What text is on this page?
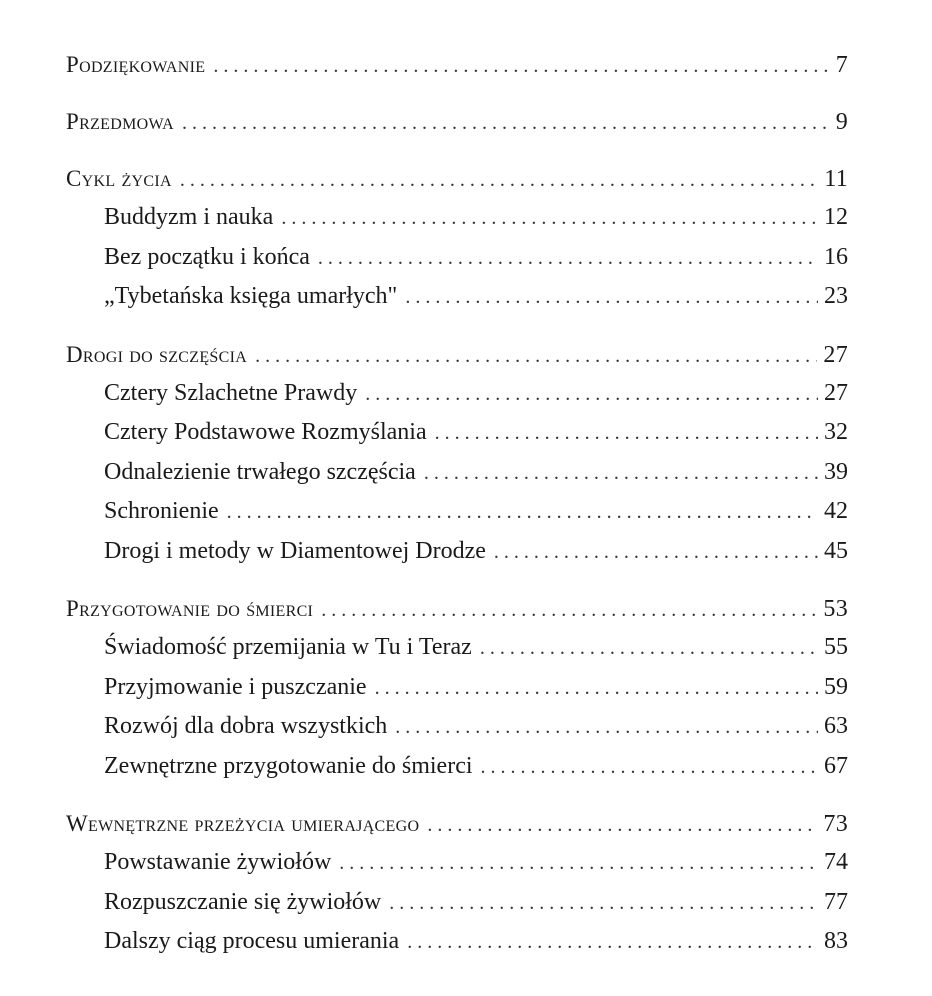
Podziękowanie . . .	7
Przedmowa . . .	9
Cykl życia . . .	11
Buddyzm i nauka . . .	12
Bez początku i końca . . .	16
„Tybetańska księga umarłych" . . .	23
Drogi do szczęścia . . .	27
Cztery Szlachetne Prawdy . . .	27
Cztery Podstawowe Rozmyślania . . .	32
Odnalezienie trwałego szczęścia . . .	39
Schronienie . . .	42
Drogi i metody w Diamentowej Drodze . . .	45
Przygotowanie do śmierci . . .	53
Świadomość przemijania w Tu i Teraz . . .	55
Przyjmowanie i puszczanie . . .	59
Rozwój dla dobra wszystkich . . .	63
Zewnętrzne przygotowanie do śmierci . . .	67
Wewnętrzne przeżycia umierającego . . .	73
Powstawanie żywiołów . . .	74
Rozpuszczanie się żywiołów . . .	77
Dalszy ciąg procesu umierania . . .	83
